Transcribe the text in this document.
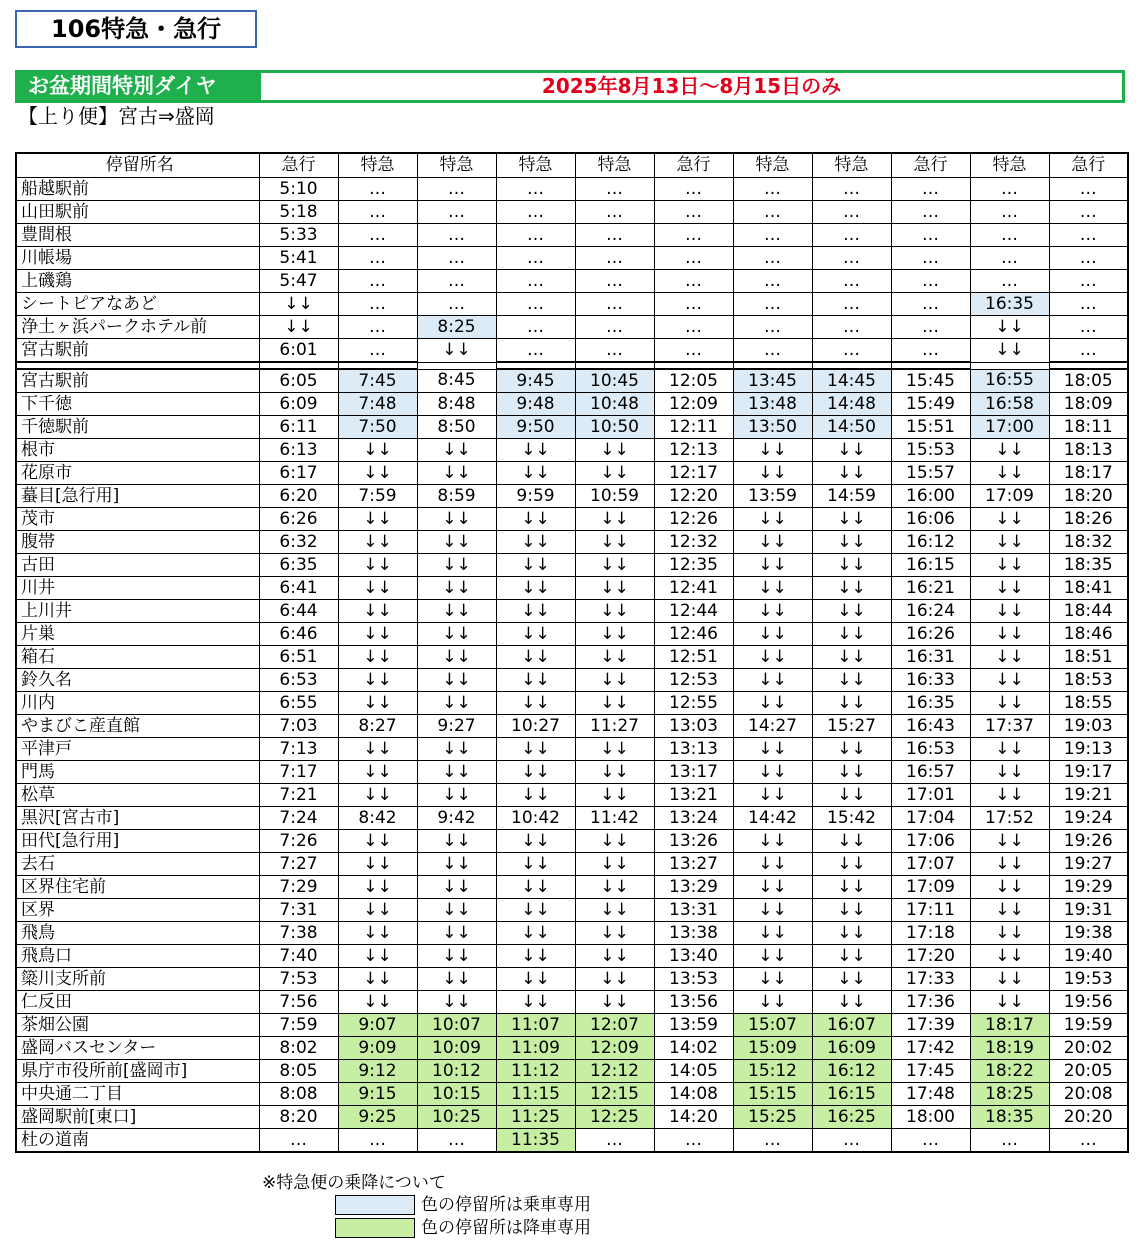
106特急・急行
お盆期間特別ダイヤ	2025年8月13日～8月15日のみ
【上り便】宮古⇒盛岡
停留所名	急行	特急	特急	特急	特急	急行	特急	特急	急行	特急	急行
船越駅前	5:10	…	…	…	…	…	…	…	…	…	…
山田駅前	5:18	…	…	…	…	…	…	…	…	…	…
豊間根	5:33	…	…	…	…	…	…	…	…	…	…
川帳場	5:41	…	…	…	…	…	…	…	…	…	…
上磯鶏	5:47	…	…	…	…	…	…	…	…	…	…
シートピアなあど	↓↓	…	…	…	…	…	…	…	…	16:35	…
浄土ヶ浜パークホテル前	↓↓	…	8:25	…	…	…	…	…	…	↓↓	…
宮古駅前	6:01	…	↓↓	…	…	…	…	…	…	↓↓	…

宮古駅前	6:05	7:45	8:45	9:45	10:45	12:05	13:45	14:45	15:45	16:55	18:05
下千徳	6:09	7:48	8:48	9:48	10:48	12:09	13:48	14:48	15:49	16:58	18:09
千徳駅前	6:11	7:50	8:50	9:50	10:50	12:11	13:50	14:50	15:51	17:00	18:11
根市	6:13	↓↓	↓↓	↓↓	↓↓	12:13	↓↓	↓↓	15:53	↓↓	18:13
花原市	6:17	↓↓	↓↓	↓↓	↓↓	12:17	↓↓	↓↓	15:57	↓↓	18:17
蟇目[急行用]	6:20	7:59	8:59	9:59	10:59	12:20	13:59	14:59	16:00	17:09	18:20
茂市	6:26	↓↓	↓↓	↓↓	↓↓	12:26	↓↓	↓↓	16:06	↓↓	18:26
腹帯	6:32	↓↓	↓↓	↓↓	↓↓	12:32	↓↓	↓↓	16:12	↓↓	18:32
古田	6:35	↓↓	↓↓	↓↓	↓↓	12:35	↓↓	↓↓	16:15	↓↓	18:35
川井	6:41	↓↓	↓↓	↓↓	↓↓	12:41	↓↓	↓↓	16:21	↓↓	18:41
上川井	6:44	↓↓	↓↓	↓↓	↓↓	12:44	↓↓	↓↓	16:24	↓↓	18:44
片巣	6:46	↓↓	↓↓	↓↓	↓↓	12:46	↓↓	↓↓	16:26	↓↓	18:46
箱石	6:51	↓↓	↓↓	↓↓	↓↓	12:51	↓↓	↓↓	16:31	↓↓	18:51
鈴久名	6:53	↓↓	↓↓	↓↓	↓↓	12:53	↓↓	↓↓	16:33	↓↓	18:53
川内	6:55	↓↓	↓↓	↓↓	↓↓	12:55	↓↓	↓↓	16:35	↓↓	18:55
やまびこ産直館	7:03	8:27	9:27	10:27	11:27	13:03	14:27	15:27	16:43	17:37	19:03
平津戸	7:13	↓↓	↓↓	↓↓	↓↓	13:13	↓↓	↓↓	16:53	↓↓	19:13
門馬	7:17	↓↓	↓↓	↓↓	↓↓	13:17	↓↓	↓↓	16:57	↓↓	19:17
松草	7:21	↓↓	↓↓	↓↓	↓↓	13:21	↓↓	↓↓	17:01	↓↓	19:21
黒沢[宮古市]	7:24	8:42	9:42	10:42	11:42	13:24	14:42	15:42	17:04	17:52	19:24
田代[急行用]	7:26	↓↓	↓↓	↓↓	↓↓	13:26	↓↓	↓↓	17:06	↓↓	19:26
去石	7:27	↓↓	↓↓	↓↓	↓↓	13:27	↓↓	↓↓	17:07	↓↓	19:27
区界住宅前	7:29	↓↓	↓↓	↓↓	↓↓	13:29	↓↓	↓↓	17:09	↓↓	19:29
区界	7:31	↓↓	↓↓	↓↓	↓↓	13:31	↓↓	↓↓	17:11	↓↓	19:31
飛鳥	7:38	↓↓	↓↓	↓↓	↓↓	13:38	↓↓	↓↓	17:18	↓↓	19:38
飛鳥口	7:40	↓↓	↓↓	↓↓	↓↓	13:40	↓↓	↓↓	17:20	↓↓	19:40
簗川支所前	7:53	↓↓	↓↓	↓↓	↓↓	13:53	↓↓	↓↓	17:33	↓↓	19:53
仁反田	7:56	↓↓	↓↓	↓↓	↓↓	13:56	↓↓	↓↓	17:36	↓↓	19:56
茶畑公園	7:59	9:07	10:07	11:07	12:07	13:59	15:07	16:07	17:39	18:17	19:59
盛岡バスセンター	8:02	9:09	10:09	11:09	12:09	14:02	15:09	16:09	17:42	18:19	20:02
県庁市役所前[盛岡市]	8:05	9:12	10:12	11:12	12:12	14:05	15:12	16:12	17:45	18:22	20:05
中央通二丁目	8:08	9:15	10:15	11:15	12:15	14:08	15:15	16:15	17:48	18:25	20:08
盛岡駅前[東口]	8:20	9:25	10:25	11:25	12:25	14:20	15:25	16:25	18:00	18:35	20:20
杜の道南	…	…	…	11:35	…	…	…	…	…	…	…
※特急便の乗降について
色の停留所は乗車専用
色の停留所は降車専用
